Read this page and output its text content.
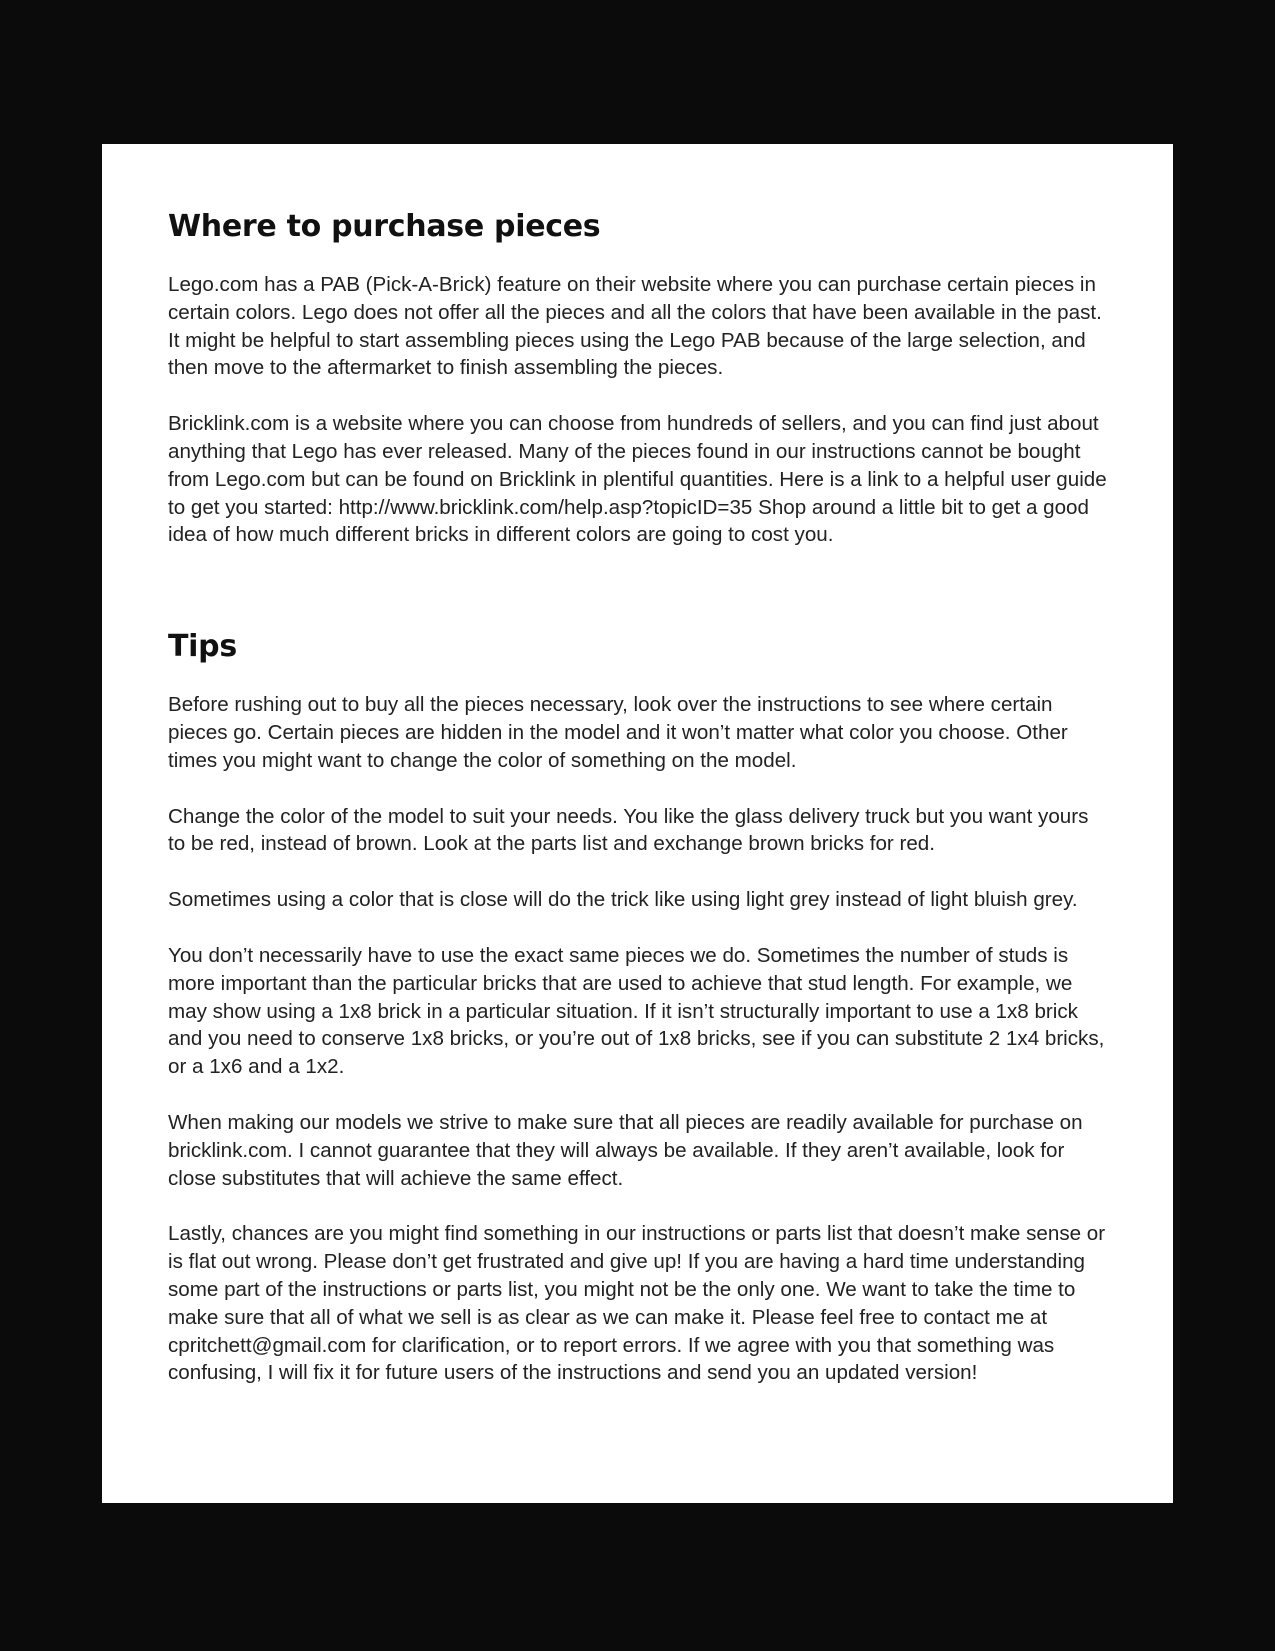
Where to purchase pieces

Lego.com has a PAB (Pick-A-Brick) feature on their website where you can purchase certain pieces in certain colors. Lego does not offer all the pieces and all the colors that have been available in the past. It might be helpful to start assembling pieces using the Lego PAB because of the large selection, and then move to the aftermarket to finish assembling the pieces.

Bricklink.com is a website where you can choose from hundreds of sellers, and you can find just about anything that Lego has ever released. Many of the pieces found in our instructions cannot be bought from Lego.com but can be found on Bricklink in plentiful quantities. Here is a link to a helpful user guide to get you started: http://www.bricklink.com/help.asp?topicID=35 Shop around a little bit to get a good idea of how much different bricks in different colors are going to cost you.

Tips

Before rushing out to buy all the pieces necessary, look over the instructions to see where certain pieces go. Certain pieces are hidden in the model and it won’t matter what color you choose. Other times you might want to change the color of something on the model.

Change the color of the model to suit your needs. You like the glass delivery truck but you want yours to be red, instead of brown. Look at the parts list and exchange brown bricks for red.

Sometimes using a color that is close will do the trick like using light grey instead of light bluish grey.

You don’t necessarily have to use the exact same pieces we do. Sometimes the number of studs is more important than the particular bricks that are used to achieve that stud length. For example, we may show using a 1x8 brick in a particular situation. If it isn’t structurally important to use a 1x8 brick and you need to conserve 1x8 bricks, or you’re out of 1x8 bricks, see if you can substitute 2 1x4 bricks, or a 1x6 and a 1x2.

When making our models we strive to make sure that all pieces are readily available for purchase on bricklink.com. I cannot guarantee that they will always be available. If they aren’t available, look for close substitutes that will achieve the same effect.

Lastly, chances are you might find something in our instructions or parts list that doesn’t make sense or is flat out wrong. Please don’t get frustrated and give up! If you are having a hard time understanding some part of the instructions or parts list, you might not be the only one. We want to take the time to make sure that all of what we sell is as clear as we can make it. Please feel free to contact me at cpritchett@gmail.com for clarification, or to report errors. If we agree with you that something was confusing, I will fix it for future users of the instructions and send you an updated version!
